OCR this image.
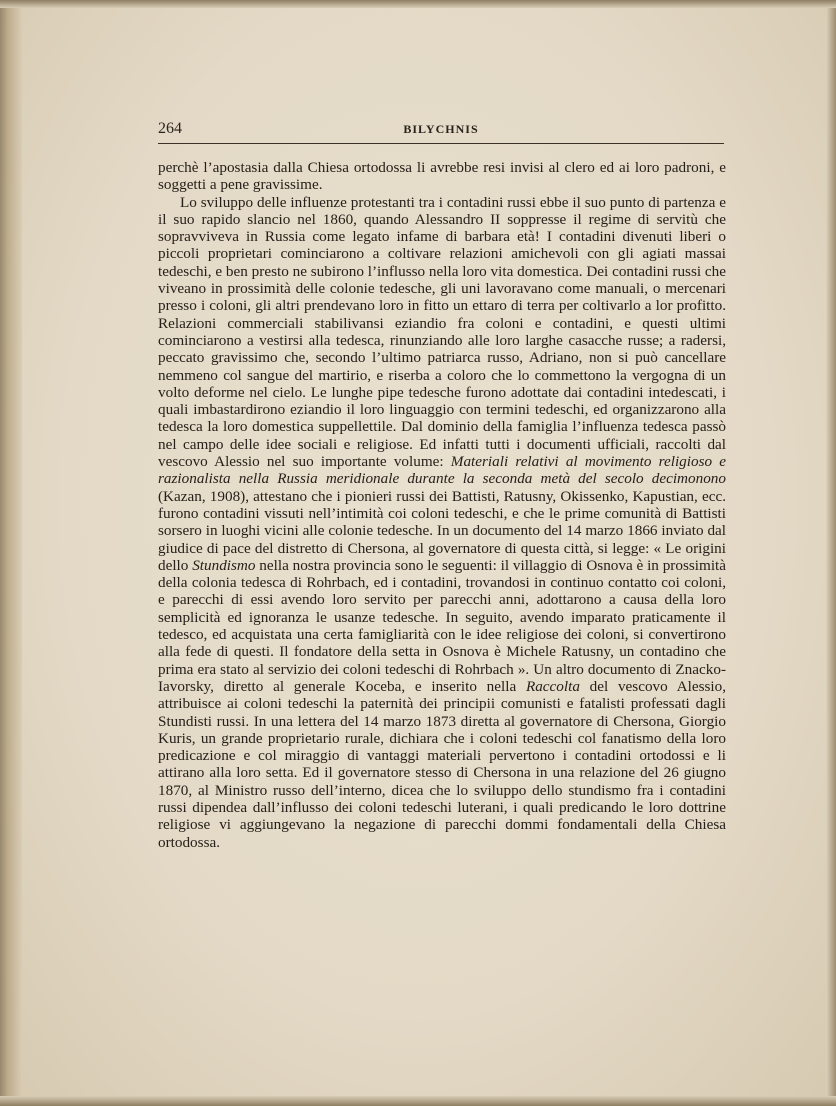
264	BILYCHNIS

perchè l’apostasia dalla Chiesa ortodossa li avrebbe resi invisi al clero ed ai loro padroni, e soggetti a pene gravissime.

Lo sviluppo delle influenze protestanti tra i contadini russi ebbe il suo punto di partenza e il suo rapido slancio nel 1860, quando Alessandro II soppresse il regime di servitù che sopravviveva in Russia come legato infame di barbara età! I contadini divenuti liberi o piccoli proprietari cominciarono a coltivare relazioni amichevoli con gli agiati massai tedeschi, e ben presto ne subirono l’influsso nella loro vita domestica. Dei contadini russi che viveano in prossimità delle colonie tedesche, gli uni lavoravano come manuali, o mercenari presso i coloni, gli altri prendevano loro in fitto un ettaro di terra per coltivarlo a lor profitto. Relazioni commerciali stabilivansi eziandio fra coloni e contadini, e questi ultimi cominciarono a vestirsi alla tedesca, rinunziando alle loro larghe casacche russe; a radersi, peccato gravissimo che, secondo l’ultimo patriarca russo, Adriano, non si può cancellare nemmeno col sangue del martirio, e riserba a coloro che lo commettono la vergogna di un volto deforme nel cielo. Le lunghe pipe tedesche furono adottate dai contadini intedescati, i quali imbastardirono eziandio il loro linguaggio con termini tedeschi, ed organizzarono alla tedesca la loro domestica suppellettile. Dal dominio della famiglia l’influenza tedesca passò nel campo delle idee sociali e religiose. Ed infatti tutti i documenti ufficiali, raccolti dal vescovo Alessio nel suo importante volume: Materiali relativi al movimento religioso e razionalista nella Russia meridionale durante la seconda metà del secolo decimonono (Kazan, 1908), attestano che i pionieri russi dei Battisti, Ratusny, Okissenko, Kapustian, ecc. furono contadini vissuti nell’intimità coi coloni tedeschi, e che le prime comunità di Battisti sorsero in luoghi vicini alle colonie tedesche. In un documento del 14 marzo 1866 inviato dal giudice di pace del distretto di Chersona, al governatore di questa città, si legge: « Le origini dello Stundismo nella nostra provincia sono le seguenti: il villaggio di Osnova è in prossimità della colonia tedesca di Rohrbach, ed i contadini, trovandosi in continuo contatto coi coloni, e parecchi di essi avendo loro servito per parecchi anni, adottarono a causa della loro semplicità ed ignoranza le usanze tedesche. In seguito, avendo imparato praticamente il tedesco, ed acquistata una certa famigliarità con le idee religiose dei coloni, si convertirono alla fede di questi. Il fondatore della setta in Osnova è Michele Ratusny, un contadino che prima era stato al servizio dei coloni tedeschi di Rohrbach ». Un altro documento di Znacko-Iavorsky, diretto al generale Koceba, e inserito nella Raccolta del vescovo Alessio, attribuisce ai coloni tedeschi la paternità dei principii comunisti e fatalisti professati dagli Stundisti russi. In una lettera del 14 marzo 1873 diretta al governatore di Chersona, Giorgio Kuris, un grande proprietario rurale, dichiara che i coloni tedeschi col fanatismo della loro predicazione e col miraggio di vantaggi materiali pervertono i contadini ortodossi e li attirano alla loro setta. Ed il governatore stesso di Chersona in una relazione del 26 giugno 1870, al Ministro russo dell’interno, dicea che lo sviluppo dello stundismo fra i contadini russi dipendea dall’influsso dei coloni tedeschi luterani, i quali predicando le loro dottrine religiose vi aggiungevano la negazione di parecchi dommi fondamentali della Chiesa ortodossa.
